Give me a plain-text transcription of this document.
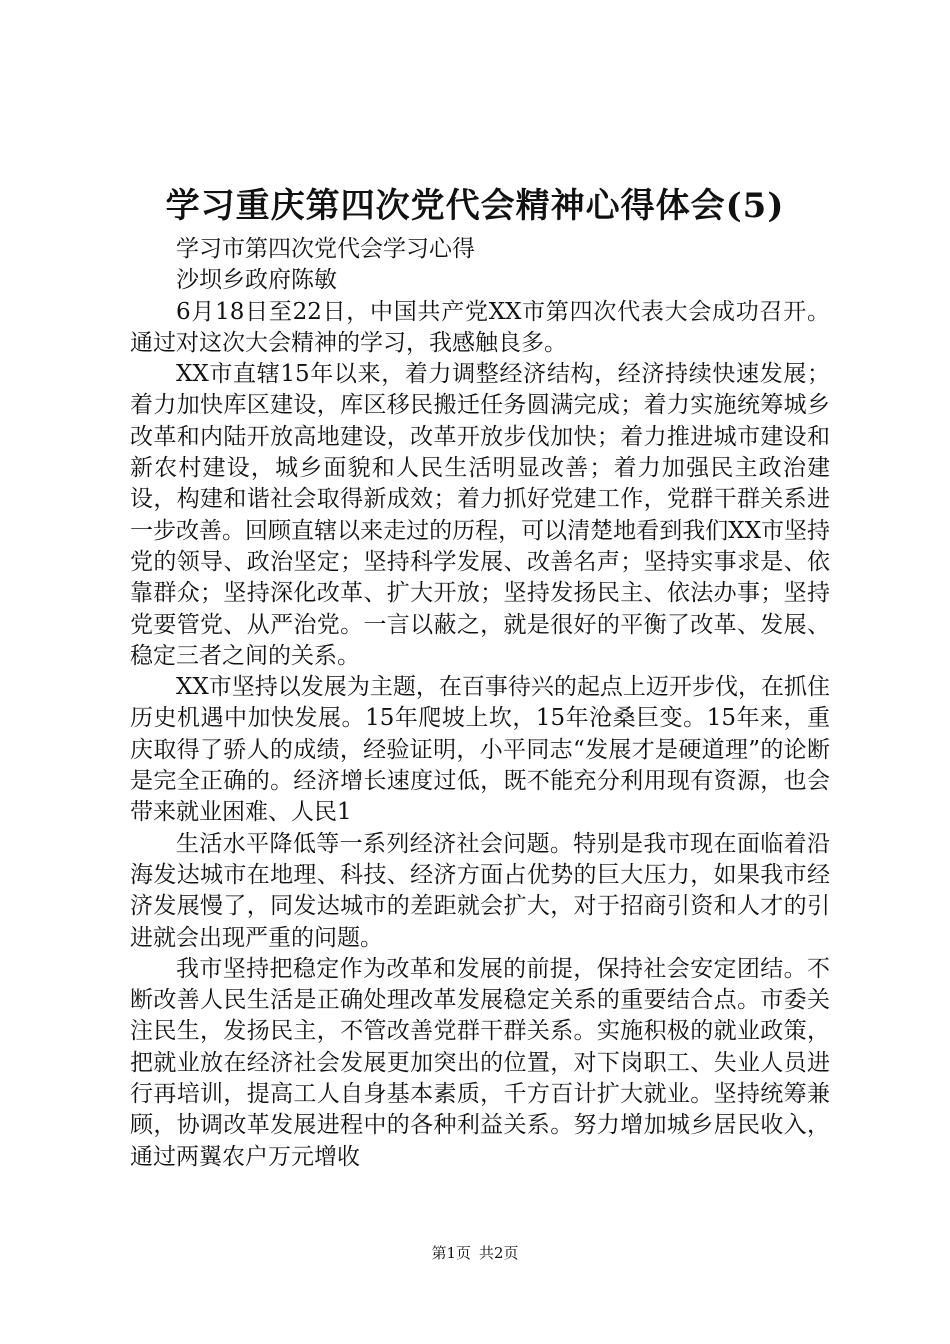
学习重庆第四次党代会精神心得体会(5)

学习市第四次党代会学习心得

沙坝乡政府陈敏

6月18日至22日，中国共产党XX市第四次代表大会成功召开。通过对这次大会精神的学习，我感触良多。

XX市直辖15年以来，着力调整经济结构，经济持续快速发展；着力加快库区建设，库区移民搬迁任务圆满完成；着力实施统筹城乡改革和内陆开放高地建设，改革开放步伐加快；着力推进城市建设和新农村建设，城乡面貌和人民生活明显改善；着力加强民主政治建设，构建和谐社会取得新成效；着力抓好党建工作，党群干群关系进一步改善。回顾直辖以来走过的历程，可以清楚地看到我们XX市坚持党的领导、政治坚定；坚持科学发展、改善名声；坚持实事求是、依靠群众；坚持深化改革、扩大开放；坚持发扬民主、依法办事；坚持党要管党、从严治党。一言以蔽之，就是很好的平衡了改革、发展、稳定三者之间的关系。

XX市坚持以发展为主题，在百事待兴的起点上迈开步伐，在抓住历史机遇中加快发展。15年爬坡上坎，15年沧桑巨变。15年来，重庆取得了骄人的成绩，经验证明，小平同志“发展才是硬道理”的论断是完全正确的。经济增长速度过低，既不能充分利用现有资源，也会带来就业困难、人民1

生活水平降低等一系列经济社会问题。特别是我市现在面临着沿海发达城市在地理、科技、经济方面占优势的巨大压力，如果我市经济发展慢了，同发达城市的差距就会扩大，对于招商引资和人才的引进就会出现严重的问题。

我市坚持把稳定作为改革和发展的前提，保持社会安定团结。不断改善人民生活是正确处理改革发展稳定关系的重要结合点。市委关注民生，发扬民主，不管改善党群干群关系。实施积极的就业政策，把就业放在经济社会发展更加突出的位置，对下岗职工、失业人员进行再培训，提高工人自身基本素质，千方百计扩大就业。坚持统筹兼顾，协调改革发展进程中的各种利益关系。努力增加城乡居民收入，通过两翼农户万元增收

第1页 共2页
